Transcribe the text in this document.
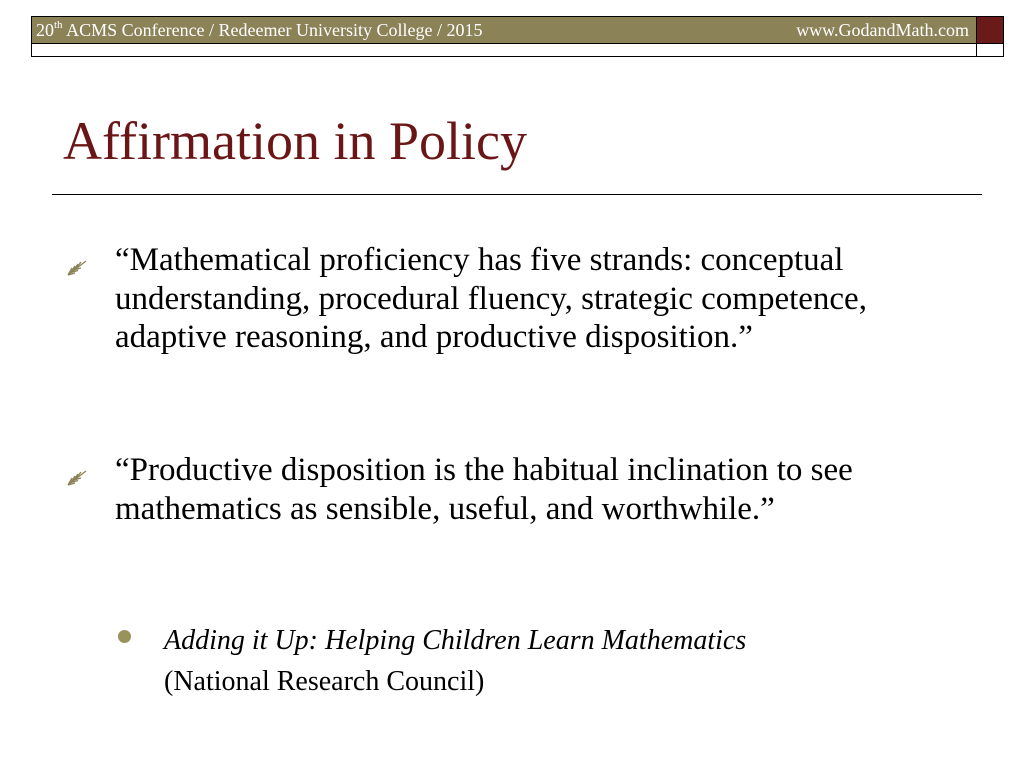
20th ACMS Conference / Redeemer University College / 2015	www.GodandMath.com
Affirmation in Policy
“Mathematical proficiency has five strands: conceptual understanding, procedural fluency, strategic competence, adaptive reasoning, and productive disposition.”
“Productive disposition is the habitual inclination to see mathematics as sensible, useful, and worthwhile.”
Adding it Up: Helping Children Learn Mathematics
(National Research Council)
